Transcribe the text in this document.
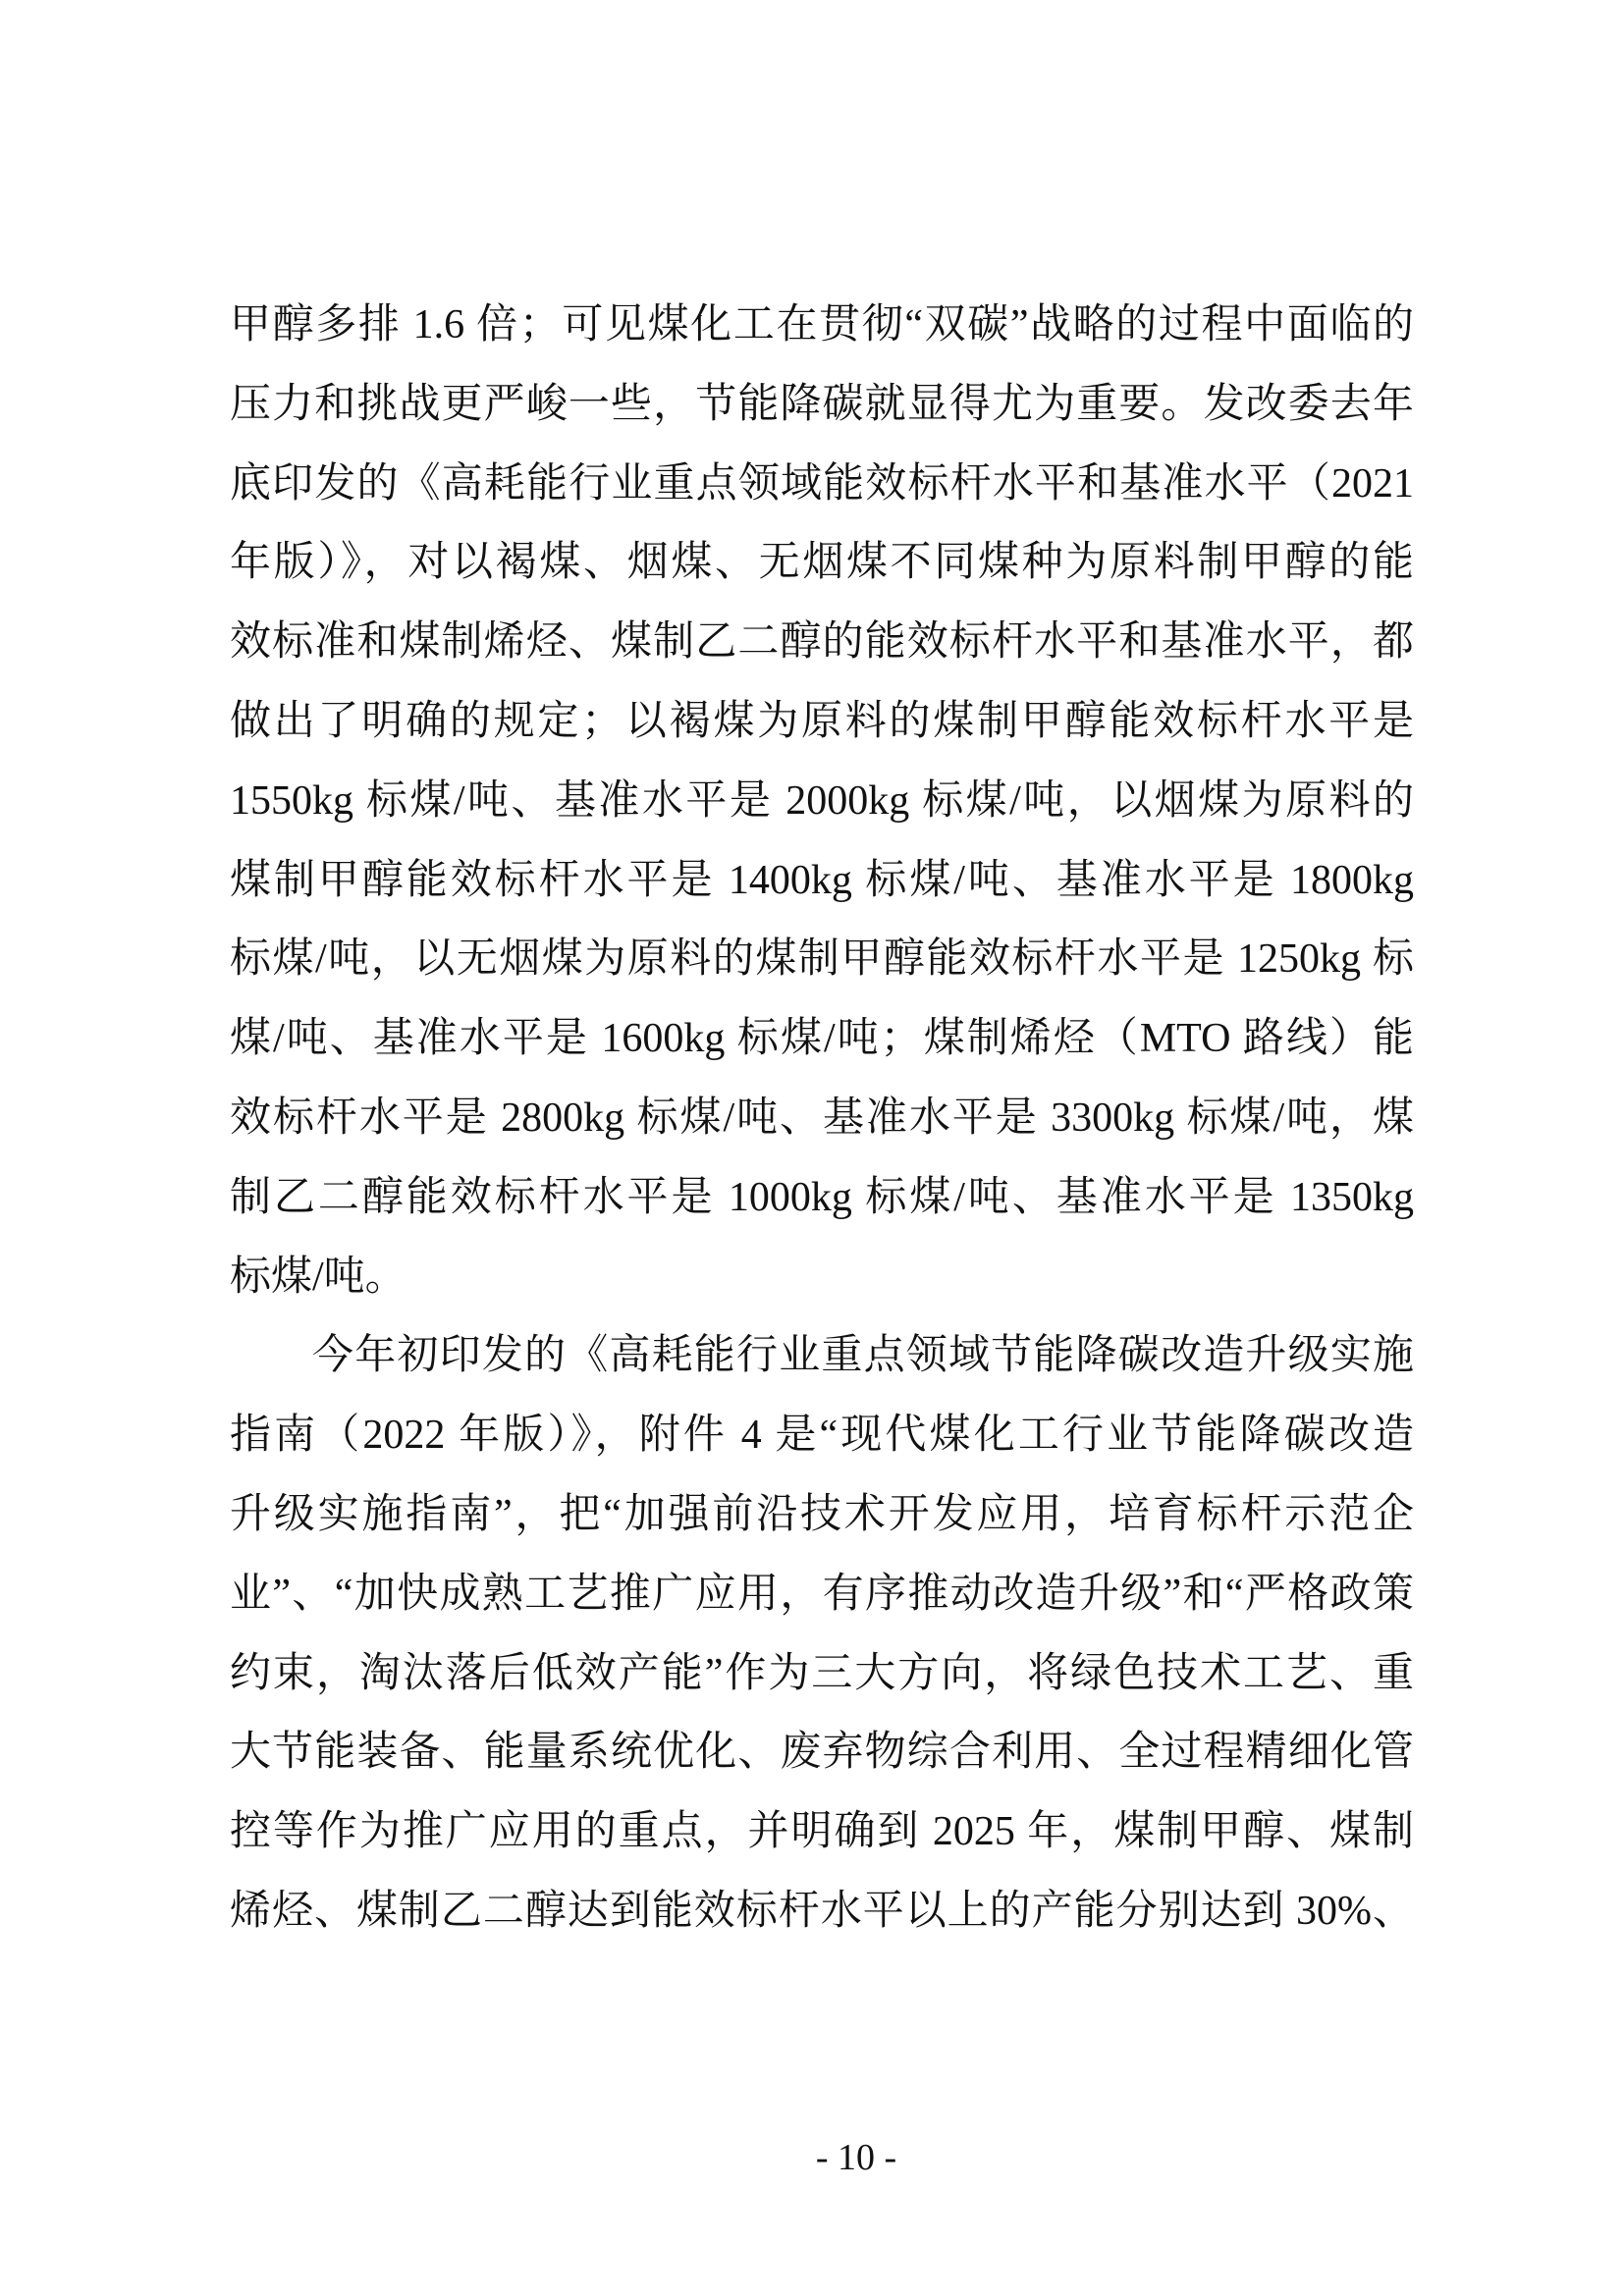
甲醇多排 1.6 倍；可见煤化工在贯彻“双碳”战略的过程中面临的
压力和挑战更严峻一些，节能降碳就显得尤为重要。发改委去年
底印发的《高耗能行业重点领域能效标杆水平和基准水平（2021
年版）》，对以褐煤、烟煤、无烟煤不同煤种为原料制甲醇的能
效标准和煤制烯烃、煤制乙二醇的能效标杆水平和基准水平，都
做出了明确的规定；以褐煤为原料的煤制甲醇能效标杆水平是
1550kg 标煤/吨、基准水平是 2000kg 标煤/吨，以烟煤为原料的
煤制甲醇能效标杆水平是 1400kg 标煤/吨、基准水平是 1800kg
标煤/吨，以无烟煤为原料的煤制甲醇能效标杆水平是 1250kg 标
煤/吨、基准水平是 1600kg 标煤/吨；煤制烯烃（MTO 路线）能
效标杆水平是 2800kg 标煤/吨、基准水平是 3300kg 标煤/吨，煤
制乙二醇能效标杆水平是 1000kg 标煤/吨、基准水平是 1350kg
标煤/吨。
今年初印发的《高耗能行业重点领域节能降碳改造升级实施
指南（2022 年版）》，附件 4 是“现代煤化工行业节能降碳改造
升级实施指南”，把“加强前沿技术开发应用，培育标杆示范企
业”、“加快成熟工艺推广应用，有序推动改造升级”和“严格政策
约束，淘汰落后低效产能”作为三大方向，将绿色技术工艺、重
大节能装备、能量系统优化、废弃物综合利用、全过程精细化管
控等作为推广应用的重点，并明确到 2025 年，煤制甲醇、煤制
烯烃、煤制乙二醇达到能效标杆水平以上的产能分别达到 30%、
- 10 -
